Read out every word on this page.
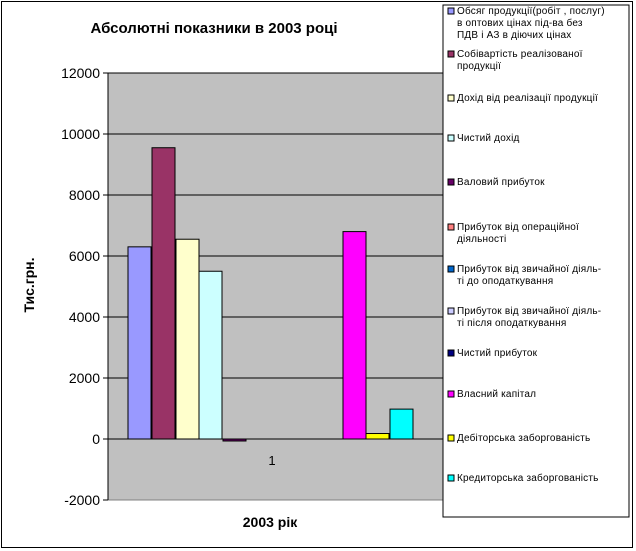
-2000
0
2000
4000
6000
8000
10000
12000
1
Абсолютні показники в 2003 році
2003 рік
Тис.грн.
Обсяг продукції(робіт , послуг)
в оптових цінах під-ва без
ПДВ і АЗ в діючих цінах
Собівартість реалізованої
продукції
Дохід від реалізації продукції
Чистий дохід
Валовий прибуток
Прибуток від операційної
діяльності
Прибуток від звичайної діяль-
ті до оподаткування
Прибуток від звичайної діяль-
ті після оподаткування
Чистий прибуток
Власний капітал
Дебіторська заборгованість
Кредиторська заборгованість
